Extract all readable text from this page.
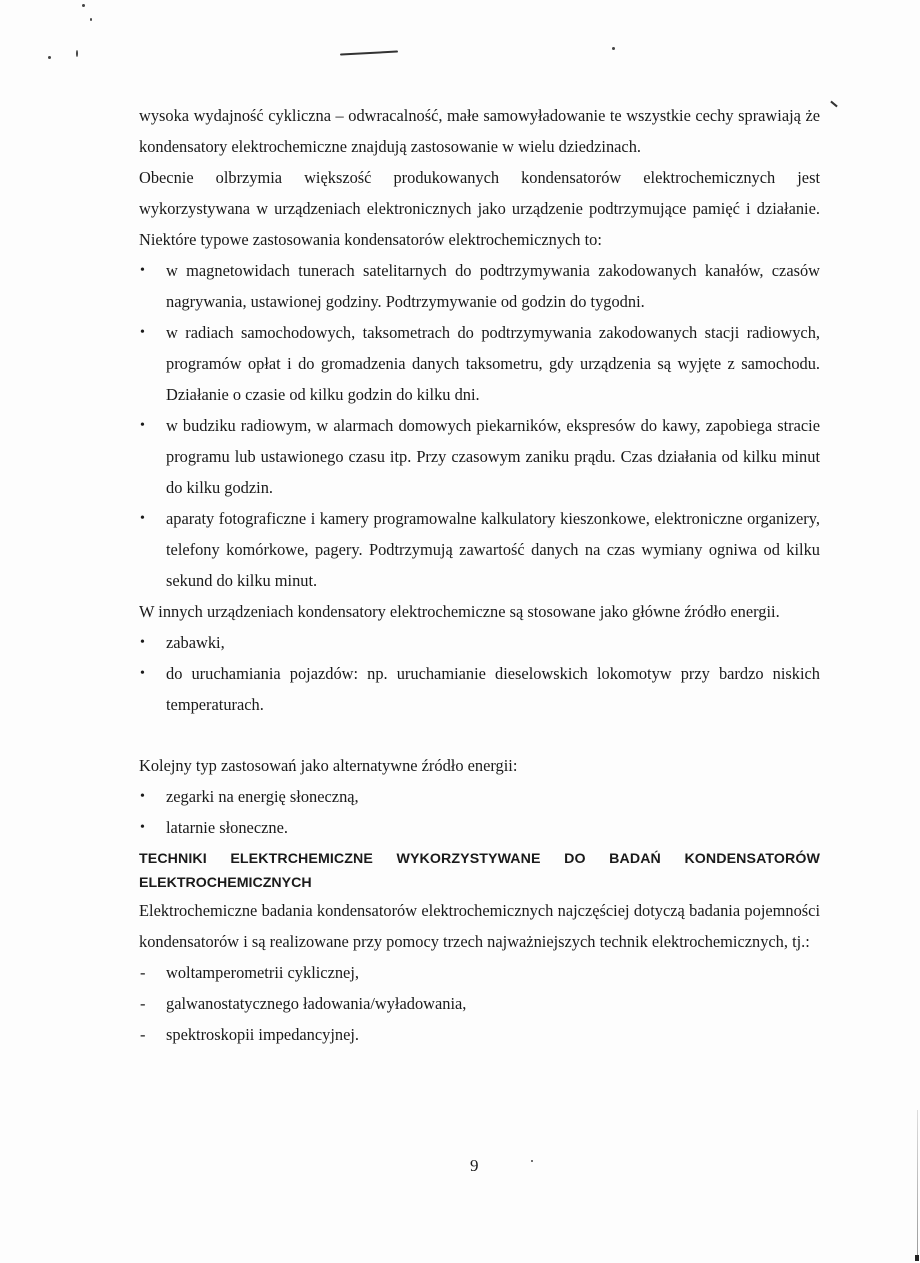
wysoka wydajność cykliczna – odwracalność, małe samowyładowanie te wszystkie cechy sprawiają że kondensatory elektrochemiczne znajdują zastosowanie w wielu dziedzinach.

Obecnie olbrzymia większość produkowanych kondensatorów elektrochemicznych jest wykorzystywana w urządzeniach elektronicznych jako urządzenie podtrzymujące pamięć i działanie. Niektóre typowe zastosowania kondensatorów elektrochemicznych to:

• w magnetowidach tunerach satelitarnych do podtrzymywania zakodowanych kanałów, czasów nagrywania, ustawionej godziny. Podtrzymywanie od godzin do tygodni.
• w radiach samochodowych, taksometrach do podtrzymywania zakodowanych stacji radiowych, programów opłat i do gromadzenia danych taksometru, gdy urządzenia są wyjęte z samochodu. Działanie o czasie od kilku godzin do kilku dni.
• w budziku radiowym, w alarmach domowych piekarników, ekspresów do kawy, zapobiega stracie programu lub ustawionego czasu itp. Przy czasowym zaniku prądu. Czas działania od kilku minut do kilku godzin.
• aparaty fotograficzne i kamery programowalne kalkulatory kieszonkowe, elektroniczne organizery, telefony komórkowe, pagery. Podtrzymują zawartość danych na czas wymiany ogniwa od kilku sekund do kilku minut.

W innych urządzeniach kondensatory elektrochemiczne są stosowane jako główne źródło energii.

• zabawki,
• do uruchamiania pojazdów: np. uruchamianie dieselowskich lokomotyw przy bardzo niskich temperaturach.

Kolejny typ zastosowań jako alternatywne źródło energii:

• zegarki na energię słoneczną,
• latarnie słoneczne.
TECHNIKI ELEKTRCHEMICZNE WYKORZYSTYWANE DO BADAŃ KONDENSATORÓW
ELEKTROCHEMICZNYCH

Elektrochemiczne badania kondensatorów elektrochemicznych najczęściej dotyczą badania pojemności kondensatorów i są realizowane przy pomocy trzech najważniejszych technik elektrochemicznych, tj.:

- woltamperometrii cyklicznej,
- galwanostatycznego ładowania/wyładowania,
- spektroskopii impedancyjnej.
9
